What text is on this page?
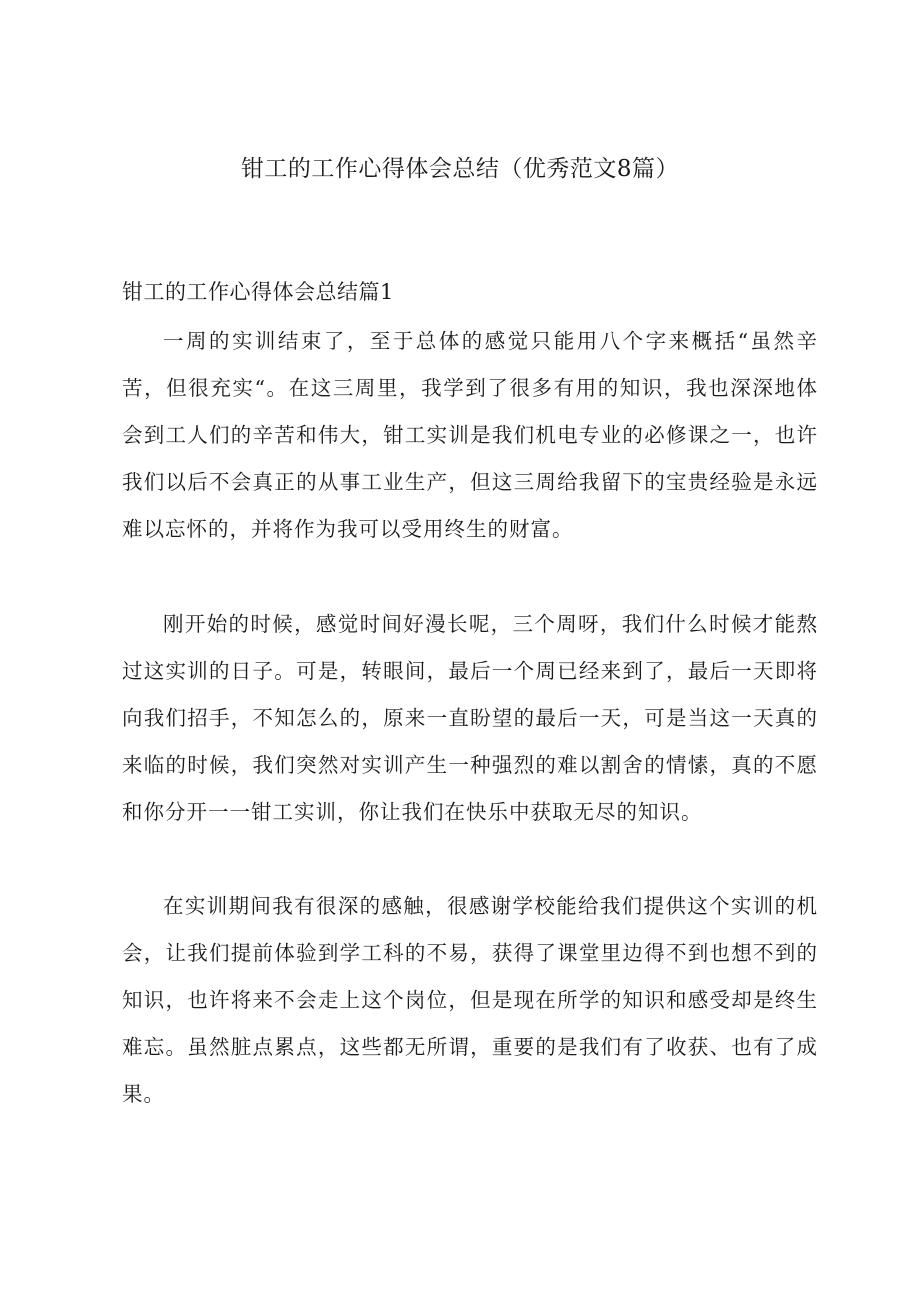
钳工的工作心得体会总结（优秀范文8篇）
钳工的工作心得体会总结篇1

一周的实训结束了，至于总体的感觉只能用八个字来概括“虽然辛苦，但很充实“。在这三周里，我学到了很多有用的知识，我也深深地体会到工人们的辛苦和伟大，钳工实训是我们机电专业的必修课之一，也许我们以后不会真正的从事工业生产，但这三周给我留下的宝贵经验是永远难以忘怀的，并将作为我可以受用终生的财富。

刚开始的时候，感觉时间好漫长呢，三个周呀，我们什么时候才能熬过这实训的日子。可是，转眼间，最后一个周已经来到了，最后一天即将向我们招手，不知怎么的，原来一直盼望的最后一天，可是当这一天真的来临的时候，我们突然对实训产生一种强烈的难以割舍的情愫，真的不愿和你分开一一钳工实训，你让我们在快乐中获取无尽的知识。

在实训期间我有很深的感触，很感谢学校能给我们提供这个实训的机会，让我们提前体验到学工科的不易，获得了课堂里边得不到也想不到的知识，也许将来不会走上这个岗位，但是现在所学的知识和感受却是终生难忘。虽然脏点累点，这些都无所谓，重要的是我们有了收获、也有了成果。
